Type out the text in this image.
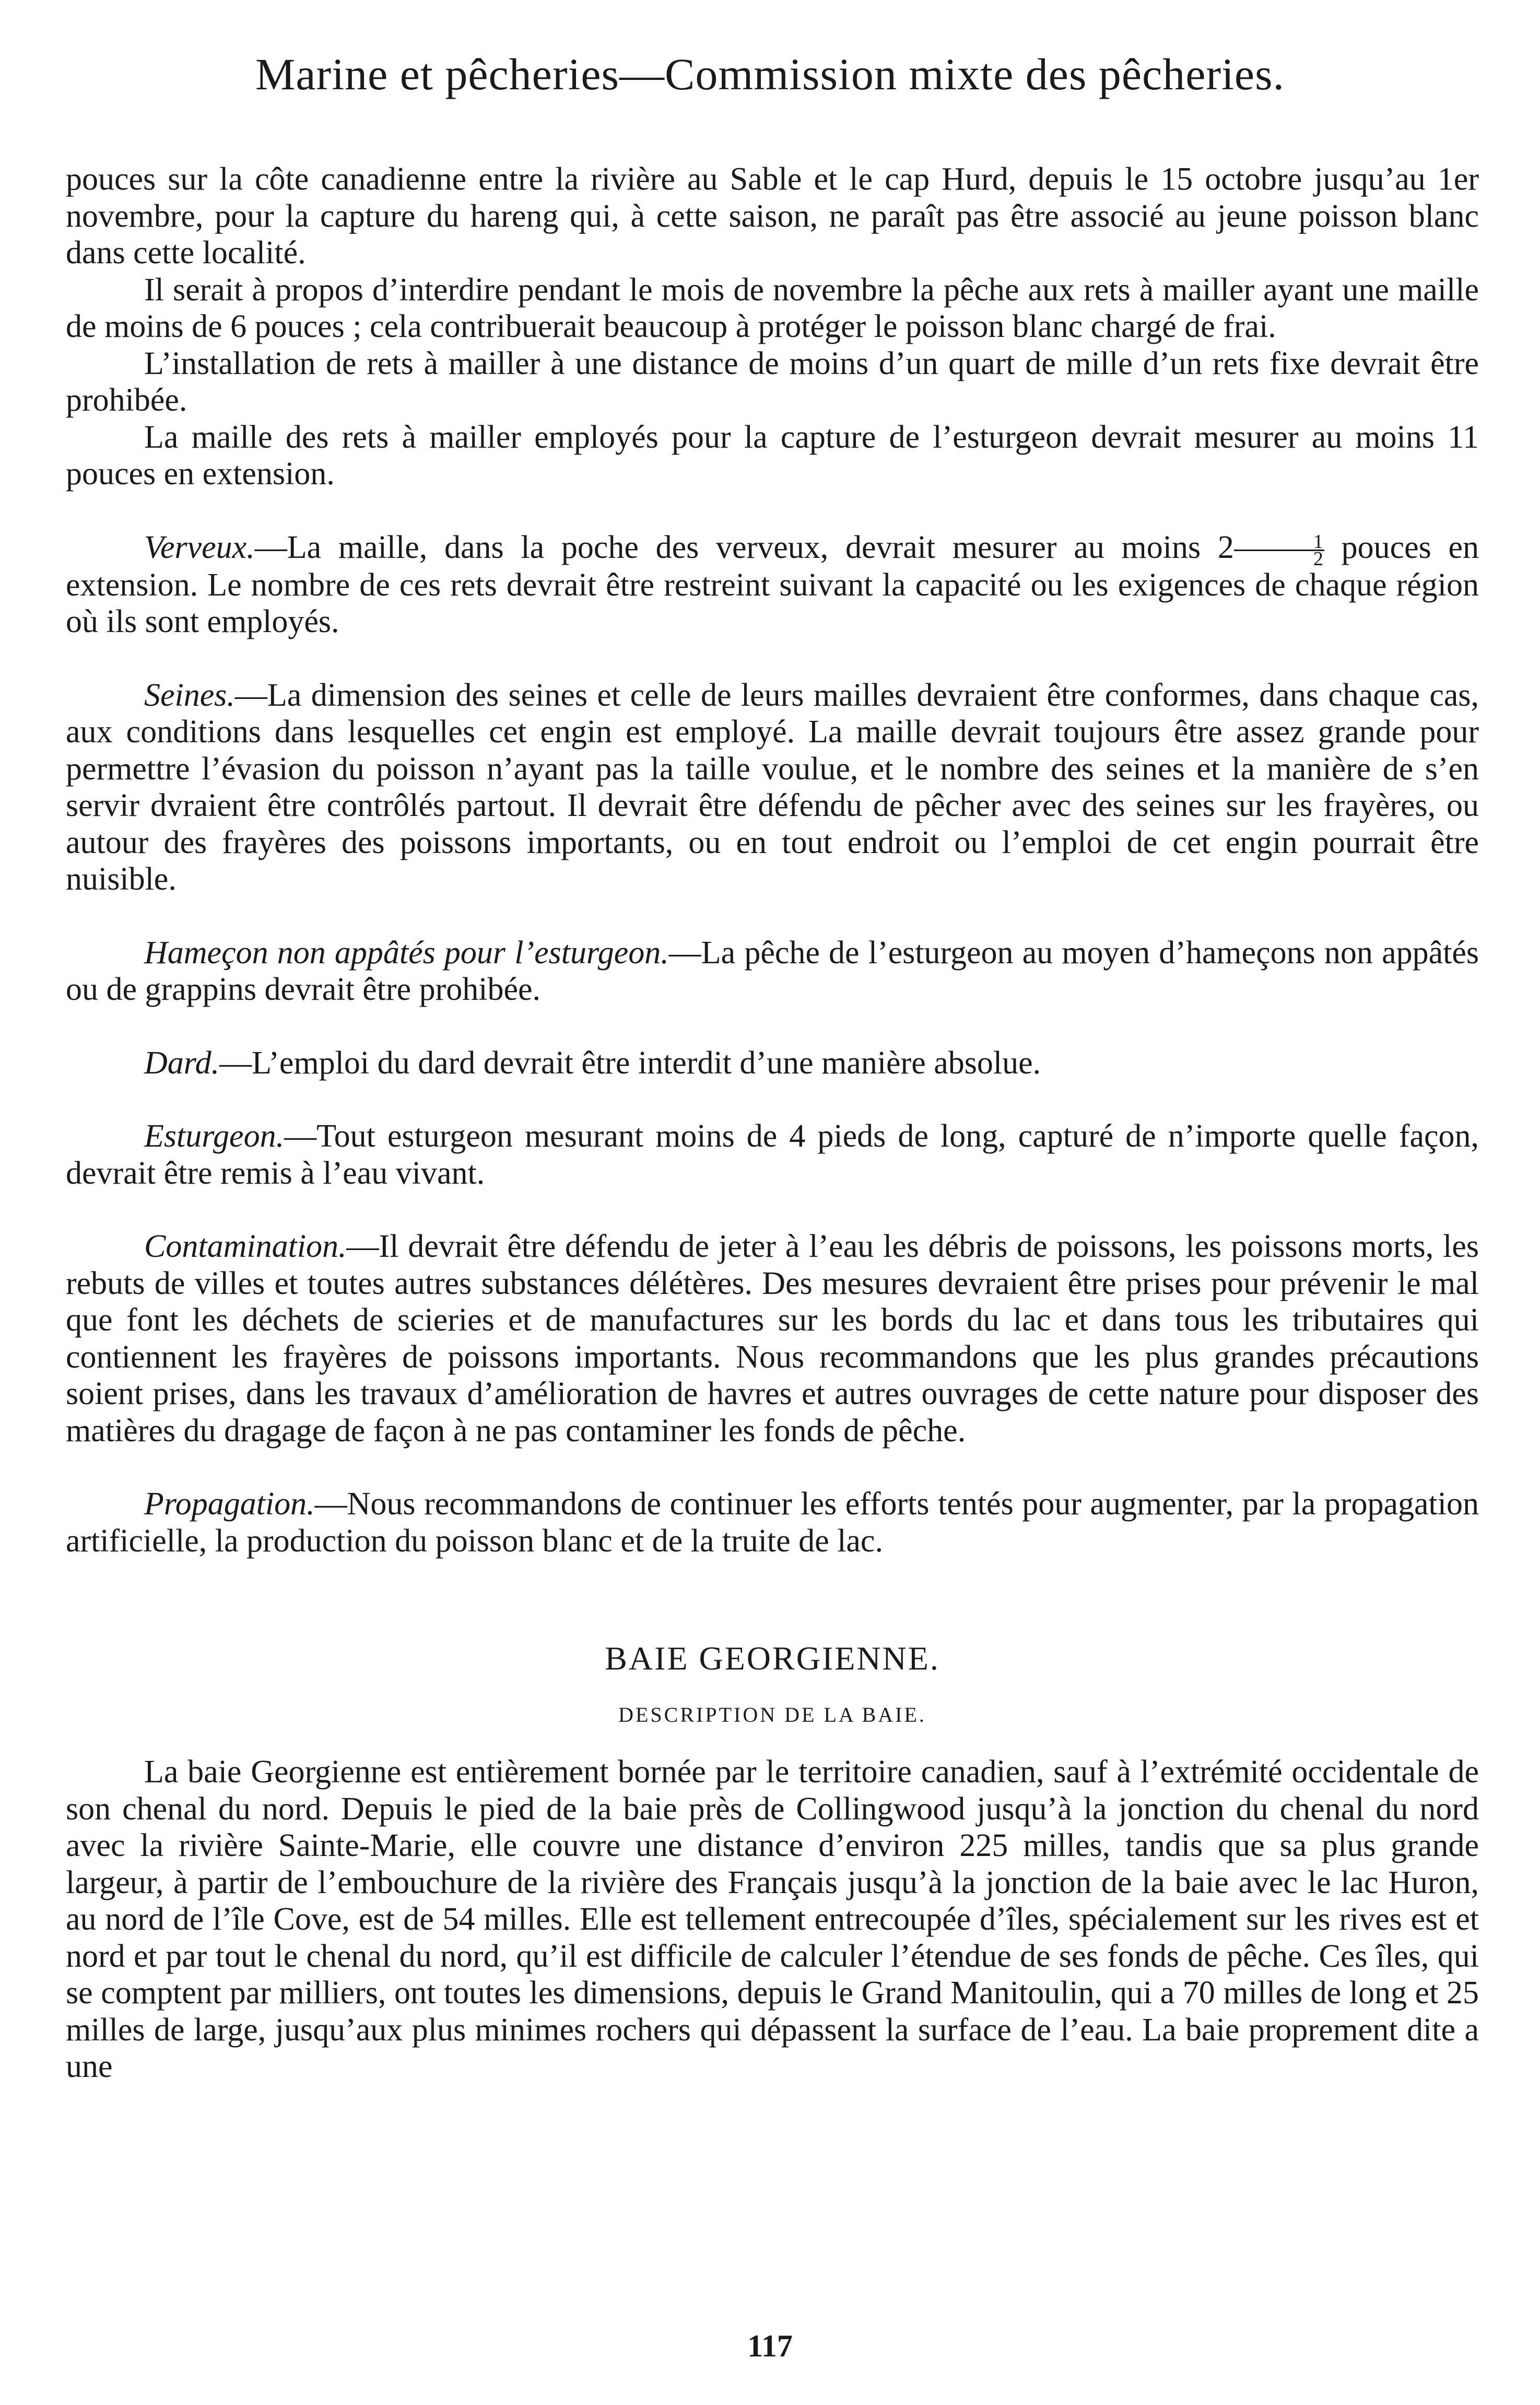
Marine et pêcheries—Commission mixte des pêcheries.

pouces sur la côte canadienne entre la rivière au Sable et le cap Hurd, depuis le 15 octobre jusqu’au 1er novembre, pour la capture du hareng qui, à cette saison, ne paraît pas être associé au jeune poisson blanc dans cette localité.

Il serait à propos d’interdire pendant le mois de novembre la pêche aux rets à mailler ayant une maille de moins de 6 pouces ; cela contribuerait beaucoup à protéger le poisson blanc chargé de frai.

L’installation de rets à mailler à une distance de moins d’un quart de mille d’un rets fixe devrait être prohibée.

La maille des rets à mailler employés pour la capture de l’esturgeon devrait mesurer au moins 11 pouces en extension.

Verveux.—La maille, dans la poche des verveux, devrait mesurer au moins $2 \frac{1}{2}$ pouces en extension. Le nombre de ces rets devrait être restreint suivant la capacité ou les exigences de chaque région où ils sont employés.

Seines.—La dimension des seines et celle de leurs mailles devraient être conformes, dans chaque cas, aux conditions dans lesquelles cet engin est employé. La maille devrait toujours être assez grande pour permettre l’évasion du poisson n’ayant pas la taille voulue, et le nombre des seines et la manière de s’en servir dvraient être contrôlés partout. Il devrait être défendu de pêcher avec des seines sur les frayères, ou autour des frayères des poissons importants, ou en tout endroit ou l’emploi de cet engin pourrait être nuisible.

Hameçon non appâtés pour l’esturgeon.—La pêche de l’esturgeon au moyen d’hameçons non appâtés ou de grappins devrait être prohibée.

Dard.—L’emploi du dard devrait être interdit d’une manière absolue.

Esturgeon.—Tout esturgeon mesurant moins de 4 pieds de long, capturé de n’importe quelle façon, devrait être remis à l’eau vivant.

Contamination.—Il devrait être défendu de jeter à l’eau les débris de poissons, les poissons morts, les rebuts de villes et toutes autres substances délétères. Des mesures devraient être prises pour prévenir le mal que font les déchets de scieries et de manufactures sur les bords du lac et dans tous les tributaires qui contiennent les frayères de poissons importants. Nous recommandons que les plus grandes précautions soient prises, dans les travaux d’amélioration de havres et autres ouvrages de cette nature pour disposer des matières du dragage de façon à ne pas contaminer les fonds de pêche.

Propagation.—Nous recommandons de continuer les efforts tentés pour augmenter, par la propagation artificielle, la production du poisson blanc et de la truite de lac.

BAIE GEORGIENNE.
DESCRIPTION DE LA BAIE.

La baie Georgienne est entièrement bornée par le territoire canadien, sauf à l’extrémité occidentale de son chenal du nord. Depuis le pied de la baie près de Collingwood jusqu’à la jonction du chenal du nord avec la rivière Sainte-Marie, elle couvre une distance d’environ 225 milles, tandis que sa plus grande largeur, à partir de l’embouchure de la rivière des Français jusqu’à la jonction de la baie avec le lac Huron, au nord de l’île Cove, est de 54 milles. Elle est tellement entrecoupée d’îles, spécialement sur les rives est et nord et par tout le chenal du nord, qu’il est difficile de calculer l’étendue de ses fonds de pêche. Ces îles, qui se comptent par milliers, ont toutes les dimensions, depuis le Grand Manitoulin, qui a 70 milles de long et 25 milles de large, jusqu’aux plus minimes rochers qui dépassent la surface de l’eau. La baie proprement dite a une

117
